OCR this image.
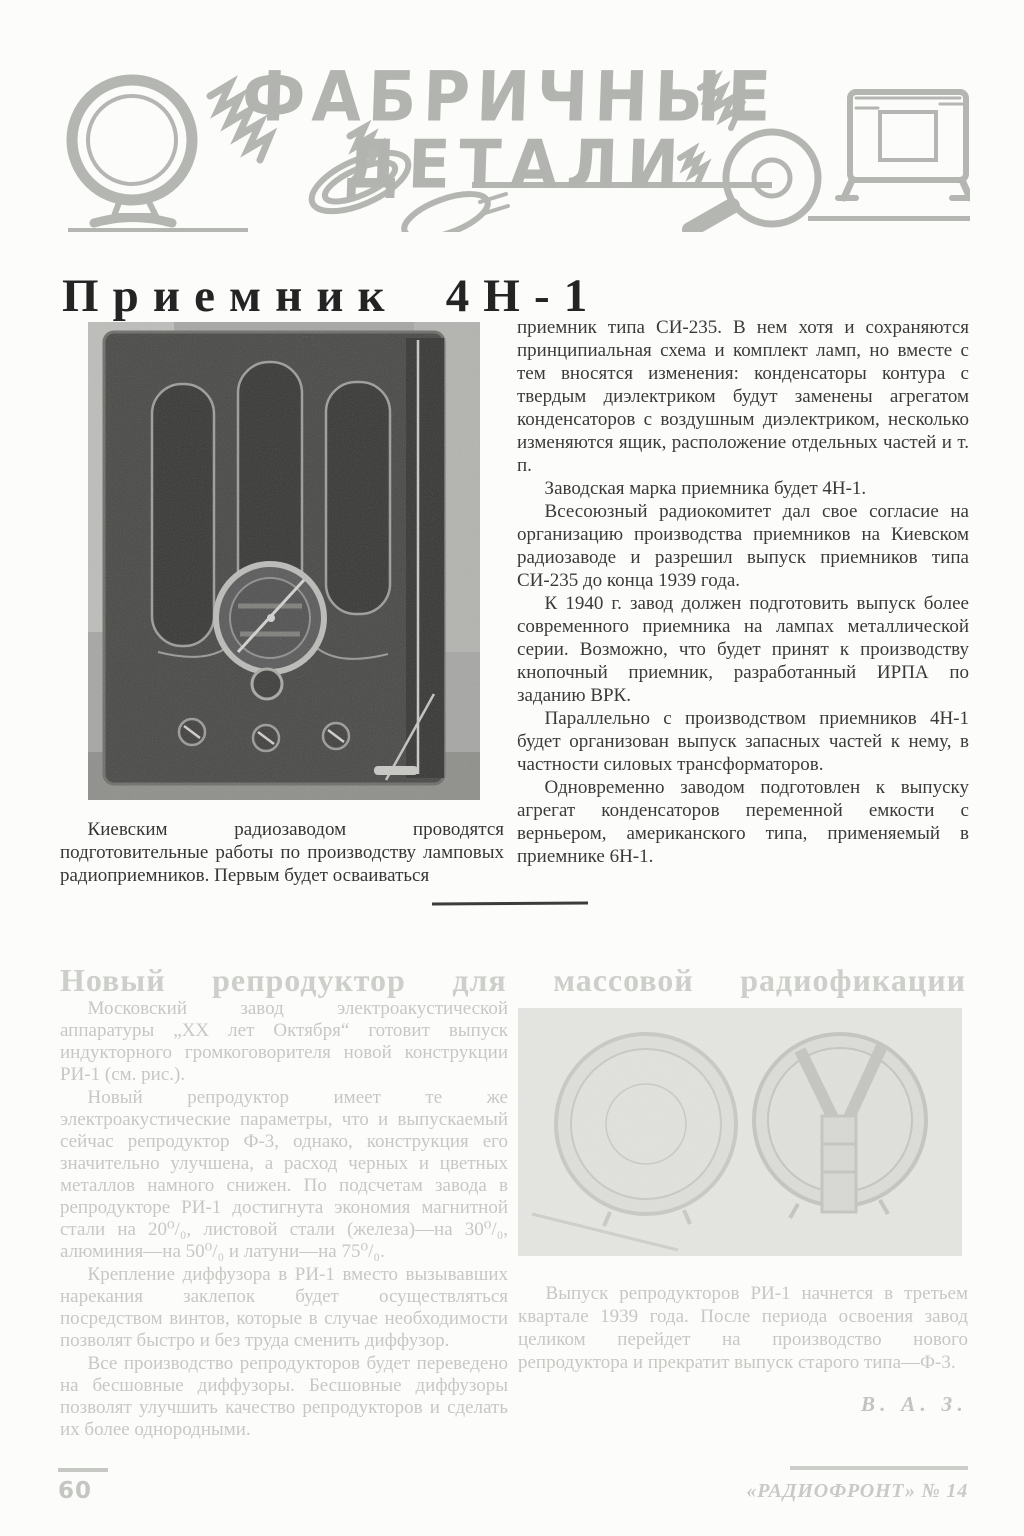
ФАБРИЧНЫЕ
ДЕТАЛИ
Приемник 4Н-1

Киевским радиозаводом проводятся подготовительные работы по производству ламповых радиоприемников. Первым будет осваиваться

приемник типа СИ-235. В нем хотя и сохраняются принципиальная схема и комплект ламп, но вместе с тем вносятся изменения: конденсаторы контура с твердым диэлектриком будут заменены агрегатом конденсаторов с воздушным диэлектриком, несколько изменяются ящик, расположение отдельных частей и т. п.

Заводская марка приемника будет 4Н-1.

Всесоюзный радиокомитет дал свое согласие на организацию производства приемников на Киевском радиозаводе и разрешил выпуск приемников типа СИ-235 до конца 1939 года.

К 1940 г. завод должен подготовить выпуск более современного приемника на лампах металлической серии. Возможно, что будет принят к производству кнопочный приемник, разработанный ИРПА по заданию ВРК.

Параллельно с производством приемников 4Н-1 будет организован выпуск запасных частей к нему, в частности силовых трансформаторов.

Одновременно заводом подготовлен к выпуску агрегат конденсаторов переменной емкости с верньером, американского типа, применяемый в приемнике 6Н-1.

Новый репродуктор для массовой радиофикации

Московский завод электроакустической аппаратуры „XX лет Октября“ готовит выпуск индукторного громкоговорителя новой конструкции РИ-1 (см. рис.).

Новый репродуктор имеет те же электроакустические параметры, что и выпускаемый сейчас репродуктор Ф-3, однако, конструкция его значительно улучшена, а расход черных и цветных металлов намного снижен. По подсчетам завода в репродукторе РИ-1 достигнута экономия магнитной стали на 20⁰/₀, листовой стали (железа)—на 30⁰/₀, алюминия—на 50⁰/₀ и латуни—на 75⁰/₀.

Крепление диффузора в РИ-1 вместо вызывавших нарекания заклепок будет осуществляться посредством винтов, которые в случае необходимости позволят быстро и без труда сменить диффузор.

Все производство репродукторов будет переведено на бесшовные диффузоры. Бесшовные диффузоры позволят улучшить качество репродукторов и сделать их более однородными.

Выпуск репродукторов РИ-1 начнется в третьем квартале 1939 года. После периода освоения завод целиком перейдет на производство нового репродуктора и прекратит выпуск старого типа—Ф-3.

В. А. З.
60	«РАДИОФРОНТ» № 14
